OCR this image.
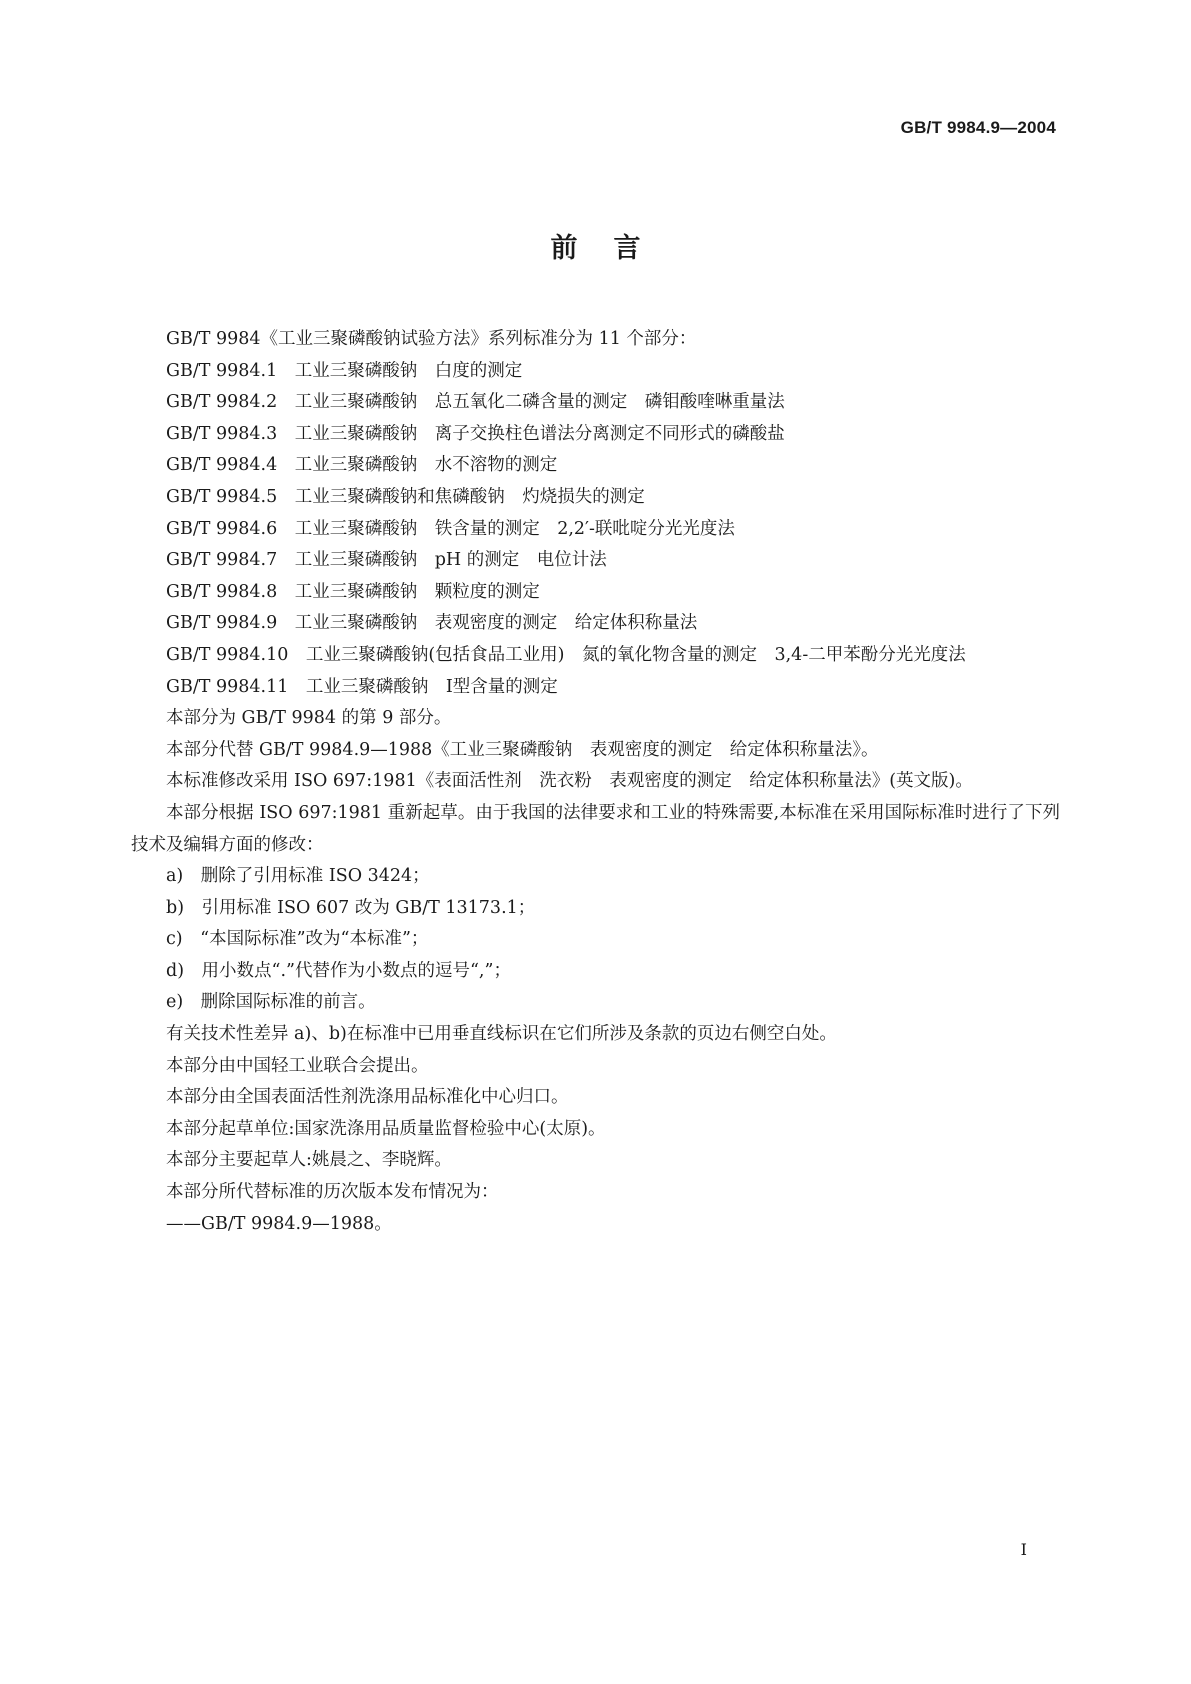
GB/T 9984.9—2004
前言

GB/T 9984《工业三聚磷酸钠试验方法》系列标准分为 11 个部分：

GB/T 9984.1　工业三聚磷酸钠　白度的测定

GB/T 9984.2　工业三聚磷酸钠　总五氧化二磷含量的测定　磷钼酸喹啉重量法

GB/T 9984.3　工业三聚磷酸钠　离子交换柱色谱法分离测定不同形式的磷酸盐

GB/T 9984.4　工业三聚磷酸钠　水不溶物的测定

GB/T 9984.5　工业三聚磷酸钠和焦磷酸钠　灼烧损失的测定

GB/T 9984.6　工业三聚磷酸钠　铁含量的测定　2,2′-联吡啶分光光度法

GB/T 9984.7　工业三聚磷酸钠　pH 的测定　电位计法

GB/T 9984.8　工业三聚磷酸钠　颗粒度的测定

GB/T 9984.9　工业三聚磷酸钠　表观密度的测定　给定体积称量法

GB/T 9984.10　工业三聚磷酸钠(包括食品工业用)　氮的氧化物含量的测定　3,4-二甲苯酚分光光度法

GB/T 9984.11　工业三聚磷酸钠　Ⅰ型含量的测定

本部分为 GB/T 9984 的第 9 部分。

本部分代替 GB/T 9984.9—1988《工业三聚磷酸钠　表观密度的测定　给定体积称量法》。

本标准修改采用 ISO 697:1981《表面活性剂　洗衣粉　表观密度的测定　给定体积称量法》(英文版)。

本部分根据 ISO 697:1981 重新起草。由于我国的法律要求和工业的特殊需要,本标准在采用国际标准时进行了下列技术及编辑方面的修改：

a)　删除了引用标准 ISO 3424；

b)　引用标准 ISO 607 改为 GB/T 13173.1；

c)　“本国际标准”改为“本标准”；

d)　用小数点“.”代替作为小数点的逗号“,”；

e)　删除国际标准的前言。

有关技术性差异 a)、b)在标准中已用垂直线标识在它们所涉及条款的页边右侧空白处。

本部分由中国轻工业联合会提出。

本部分由全国表面活性剂洗涤用品标准化中心归口。

本部分起草单位:国家洗涤用品质量监督检验中心(太原)。

本部分主要起草人:姚晨之、李晓辉。

本部分所代替标准的历次版本发布情况为：

——GB/T 9984.9—1988。

I
